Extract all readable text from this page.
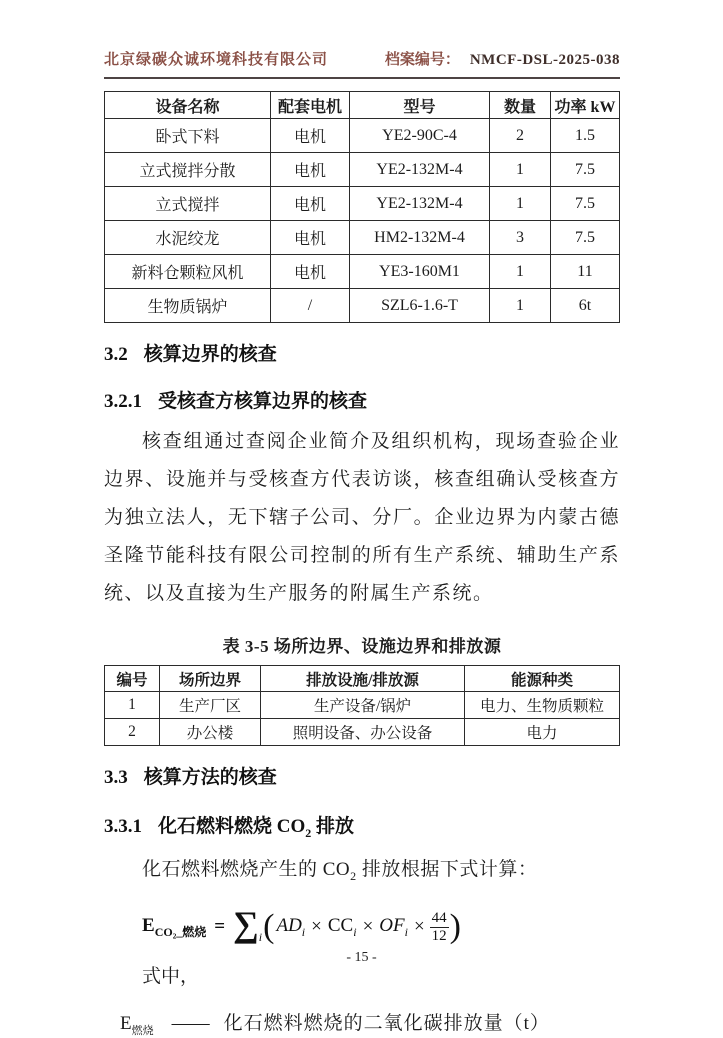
北京绿碳众诚环境科技有限公司	档案编号： NMCF-DSL-2025-038
设备名称	配套电机	型号	数量	功率 kW
卧式下料	电机	YE2-90C-4	2	1.5
立式搅拌分散	电机	YE2-132M-4	1	7.5
立式搅拌	电机	YE2-132M-4	1	7.5
水泥绞龙	电机	HM2-132M-4	3	7.5
新料仓颗粒风机	电机	YE3-160M1	1	11
生物质锅炉	/	SZL6-1.6-T	1	6t
3.2 核算边界的核查
3.2.1 受核查方核算边界的核查

核查组通过查阅企业简介及组织机构，现场查验企业边界、设施并与受核查方代表访谈，核查组确认受核查方为独立法人，无下辖子公司、分厂。企业边界为内蒙古德圣隆节能科技有限公司控制的所有生产系统、辅助生产系统、以及直接为生产服务的附属生产系统。

表 3-5 场所边界、设施边界和排放源
编号	场所边界	排放设施/排放源	能源种类
1	生产厂区	生产设备/锅炉	电力、生物质颗粒
2	办公楼	照明设备、办公设备	电力
3.3 核算方法的核查
3.3.1 化石燃料燃烧 $CO_2$ 排放

化石燃料燃烧产生的 $CO_2$ 排放根据下式计算：

$E_{CO_2\_燃烧} = \sum_i$ ( $AD_i \times CC_i \times OF_i \times \frac{44}{12}$ )
式中，
$E_{燃烧}$ —— 化石燃料燃烧的二氧化碳排放量（t）
- 15 -
